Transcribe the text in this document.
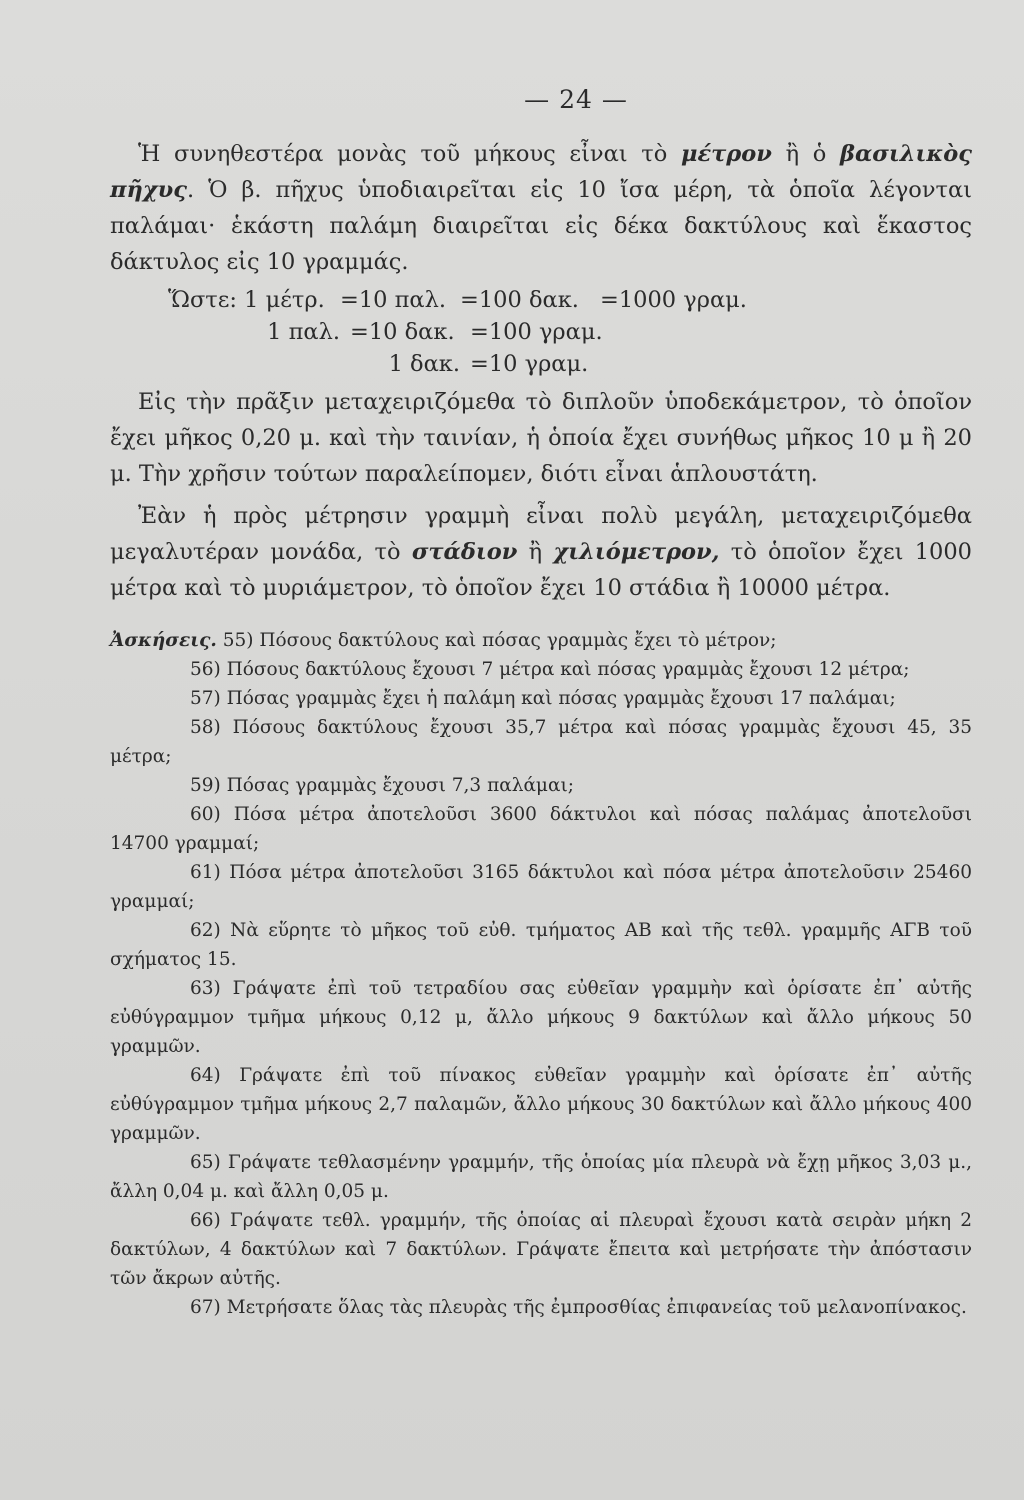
— 24 —

Ἡ συνηθεστέρα μονὰς τοῦ μήκους εἶναι τὸ μέτρον ἢ ὁ βασιλικὸς πῆχυς. Ὁ β. πῆχυς ὑποδιαιρεῖται εἰς 10 ἴσα μέρη, τὰ ὁποῖα λέγονται παλάμαι· ἑκάστη παλάμη διαιρεῖται εἰς δέκα δακτύλους καὶ ἕκαστος δάκτυλος εἰς 10 γραμμάς.

Ὥστε: 1 μέτρ. =10 παλ. =100 δακ. =1000 γραμ.
1 παλ. =10 δακ. =100 γραμ.
1 δακ. =10 γραμ.

Εἰς τὴν πρᾶξιν μεταχειριζόμεθα τὸ διπλοῦν ὑποδεκάμετρον, τὸ ὁποῖον ἔχει μῆκος 0,20 μ. καὶ τὴν ταινίαν, ἡ ὁποία ἔχει συνήθως μῆκος 10 μ ἢ 20 μ. Τὴν χρῆσιν τούτων παραλείπομεν, διότι εἶναι ἁπλουστάτη.

Ἐὰν ἡ πρὸς μέτρησιν γραμμὴ εἶναι πολὺ μεγάλη, μεταχειριζόμεθα μεγαλυτέραν μονάδα, τὸ στάδιον ἢ χιλιόμετρον, τὸ ὁποῖον ἔχει 1000 μέτρα καὶ τὸ μυριάμετρον, τὸ ὁποῖον ἔχει 10 στάδια ἢ 10000 μέτρα.

Ἀσκήσεις. 55) Πόσους δακτύλους καὶ πόσας γραμμὰς ἔχει τὸ μέτρον;

56) Πόσους δακτύλους ἔχουσι 7 μέτρα καὶ πόσας γραμμὰς ἔχουσι 12 μέτρα;

57) Πόσας γραμμὰς ἔχει ἡ παλάμη καὶ πόσας γραμμὰς ἔχουσι 17 παλάμαι;

58) Πόσους δακτύλους ἔχουσι 35,7 μέτρα καὶ πόσας γραμμὰς ἔχουσι 45, 35 μέτρα;

59) Πόσας γραμμὰς ἔχουσι 7,3 παλάμαι;

60) Πόσα μέτρα ἀποτελοῦσι 3600 δάκτυλοι καὶ πόσας παλάμας ἀποτελοῦσι 14700 γραμμαί;

61) Πόσα μέτρα ἀποτελοῦσι 3165 δάκτυλοι καὶ πόσα μέτρα ἀποτελοῦσιν 25460 γραμμαί;

62) Νὰ εὕρητε τὸ μῆκος τοῦ εὐθ. τμήματος ΑΒ καὶ τῆς τεθλ. γραμμῆς ΑΓΒ τοῦ σχήματος 15.

63) Γράψατε ἐπὶ τοῦ τετραδίου σας εὐθεῖαν γραμμὴν καὶ ὁρίσατε ἐπ᾽ αὐτῆς εὐθύγραμμον τμῆμα μήκους 0,12 μ, ἄλλο μήκους 9 δακτύλων καὶ ἄλλο μήκους 50 γραμμῶν.

64) Γράψατε ἐπὶ τοῦ πίνακος εὐθεῖαν γραμμὴν καὶ ὁρίσατε ἐπ᾽ αὐτῆς εὐθύγραμμον τμῆμα μήκους 2,7 παλαμῶν, ἄλλο μήκους 30 δακτύλων καὶ ἄλλο μήκους 400 γραμμῶν.

65) Γράψατε τεθλασμένην γραμμήν, τῆς ὁποίας μία πλευρὰ νὰ ἔχῃ μῆκος 3,03 μ., ἄλλη 0,04 μ. καὶ ἄλλη 0,05 μ.

66) Γράψατε τεθλ. γραμμήν, τῆς ὁποίας αἱ πλευραὶ ἔχουσι κατὰ σειρὰν μήκη 2 δακτύλων, 4 δακτύλων καὶ 7 δακτύλων. Γράψατε ἔπειτα καὶ μετρήσατε τὴν ἀπόστασιν τῶν ἄκρων αὐτῆς.

67) Μετρήσατε ὅλας τὰς πλευρὰς τῆς ἐμπροσθίας ἐπιφανείας τοῦ μελανοπίνακος.
